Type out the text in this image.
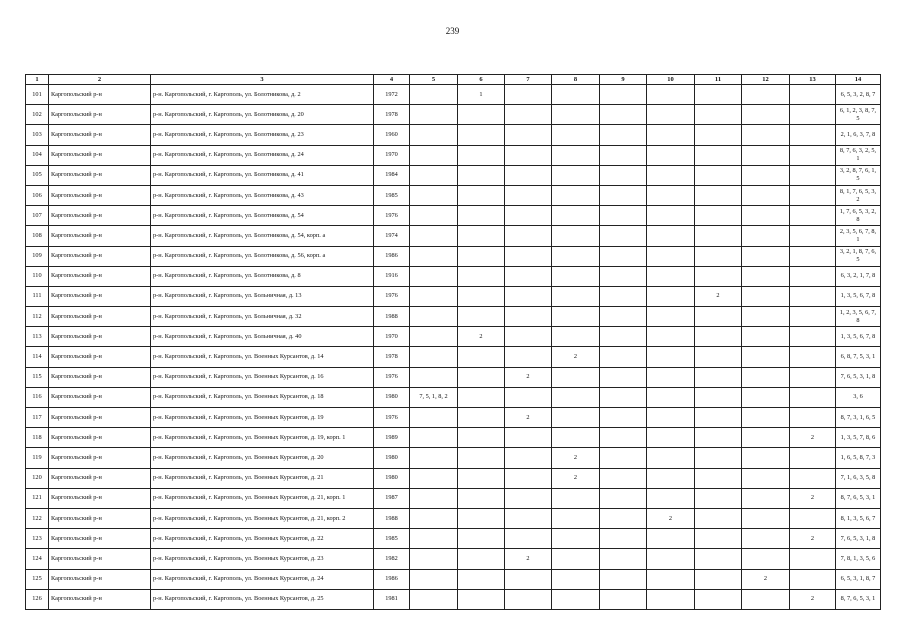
239
1	2	3	4	5	6	7	8	9	10	11	12	13	14
101	Каргопольский р-н	р-н. Каргопольский, г. Каргополь, ул. Болотникова, д. 2	1972		1								6, 5, 3, 2, 8, 7
102	Каргопольский р-н	р-н. Каргопольский, г. Каргополь, ул. Болотникова, д. 20	1978										6, 1, 2, 3, 8, 7, 5
103	Каргопольский р-н	р-н. Каргопольский, г. Каргополь, ул. Болотникова, д. 23	1960										2, 1, 6, 3, 7, 8
104	Каргопольский р-н	р-н. Каргопольский, г. Каргополь, ул. Болотникова, д. 24	1970										8, 7, 6, 3, 2, 5, 1
105	Каргопольский р-н	р-н. Каргопольский, г. Каргополь, ул. Болотникова, д. 41	1984										3, 2, 8, 7, 6, 1, 5
106	Каргопольский р-н	р-н. Каргопольский, г. Каргополь, ул. Болотникова, д. 43	1985										8, 1, 7, 6, 5, 3, 2
107	Каргопольский р-н	р-н. Каргопольский, г. Каргополь, ул. Болотникова, д. 54	1976										1, 7, 6, 5, 3, 2, 8
108	Каргопольский р-н	р-н. Каргопольский, г. Каргополь, ул. Болотникова, д. 54, корп. а	1974										2, 3, 5, 6, 7, 8, 1
109	Каргопольский р-н	р-н. Каргопольский, г. Каргополь, ул. Болотникова, д. 56, корп. а	1986										3, 2, 1, 8, 7, 6, 5
110	Каргопольский р-н	р-н. Каргопольский, г. Каргополь, ул. Болотникова, д. 8	1916										6, 3, 2, 1, 7, 8
111	Каргопольский р-н	р-н. Каргопольский, г. Каргополь, ул. Больничная, д. 13	1976							2			1, 3, 5, 6, 7, 8
112	Каргопольский р-н	р-н. Каргопольский, г. Каргополь, ул. Больничная, д. 32	1988										1, 2, 3, 5, 6, 7, 8
113	Каргопольский р-н	р-н. Каргопольский, г. Каргополь, ул. Больничная, д. 40	1970		2								1, 3, 5, 6, 7, 8
114	Каргопольский р-н	р-н. Каргопольский, г. Каргополь, ул. Военных Курсантов, д. 14	1978				2						6, 8, 7, 5, 3, 1
115	Каргопольский р-н	р-н. Каргопольский, г. Каргополь, ул. Военных Курсантов, д. 16	1976			2							7, 6, 5, 3, 1, 8
116	Каргопольский р-н	р-н. Каргопольский, г. Каргополь, ул. Военных Курсантов, д. 18	1980	7, 5, 1, 8, 2									3, 6
117	Каргопольский р-н	р-н. Каргопольский, г. Каргополь, ул. Военных Курсантов, д. 19	1976			2							8, 7, 3, 1, 6, 5
118	Каргопольский р-н	р-н. Каргопольский, г. Каргополь, ул. Военных Курсантов, д. 19, корп. 1	1989									2	1, 3, 5, 7, 8, 6
119	Каргопольский р-н	р-н. Каргопольский, г. Каргополь, ул. Военных Курсантов, д. 20	1980				2						1, 6, 5, 8, 7, 3
120	Каргопольский р-н	р-н. Каргопольский, г. Каргополь, ул. Военных Курсантов, д. 21	1980				2						7, 1, 6, 3, 5, 8
121	Каргопольский р-н	р-н. Каргопольский, г. Каргополь, ул. Военных Курсантов, д. 21, корп. 1	1987									2	8, 7, 6, 5, 3, 1
122	Каргопольский р-н	р-н. Каргопольский, г. Каргополь, ул. Военных Курсантов, д. 21, корп. 2	1988						2				8, 1, 3, 5, 6, 7
123	Каргопольский р-н	р-н. Каргопольский, г. Каргополь, ул. Военных Курсантов, д. 22	1985									2	7, 6, 5, 3, 1, 8
124	Каргопольский р-н	р-н. Каргопольский, г. Каргополь, ул. Военных Курсантов, д. 23	1982			2							7, 8, 1, 3, 5, 6
125	Каргопольский р-н	р-н. Каргопольский, г. Каргополь, ул. Военных Курсантов, д. 24	1986								2		6, 5, 3, 1, 8, 7
126	Каргопольский р-н	р-н. Каргопольский, г. Каргополь, ул. Военных Курсантов, д. 25	1981									2	8, 7, 6, 5, 3, 1
